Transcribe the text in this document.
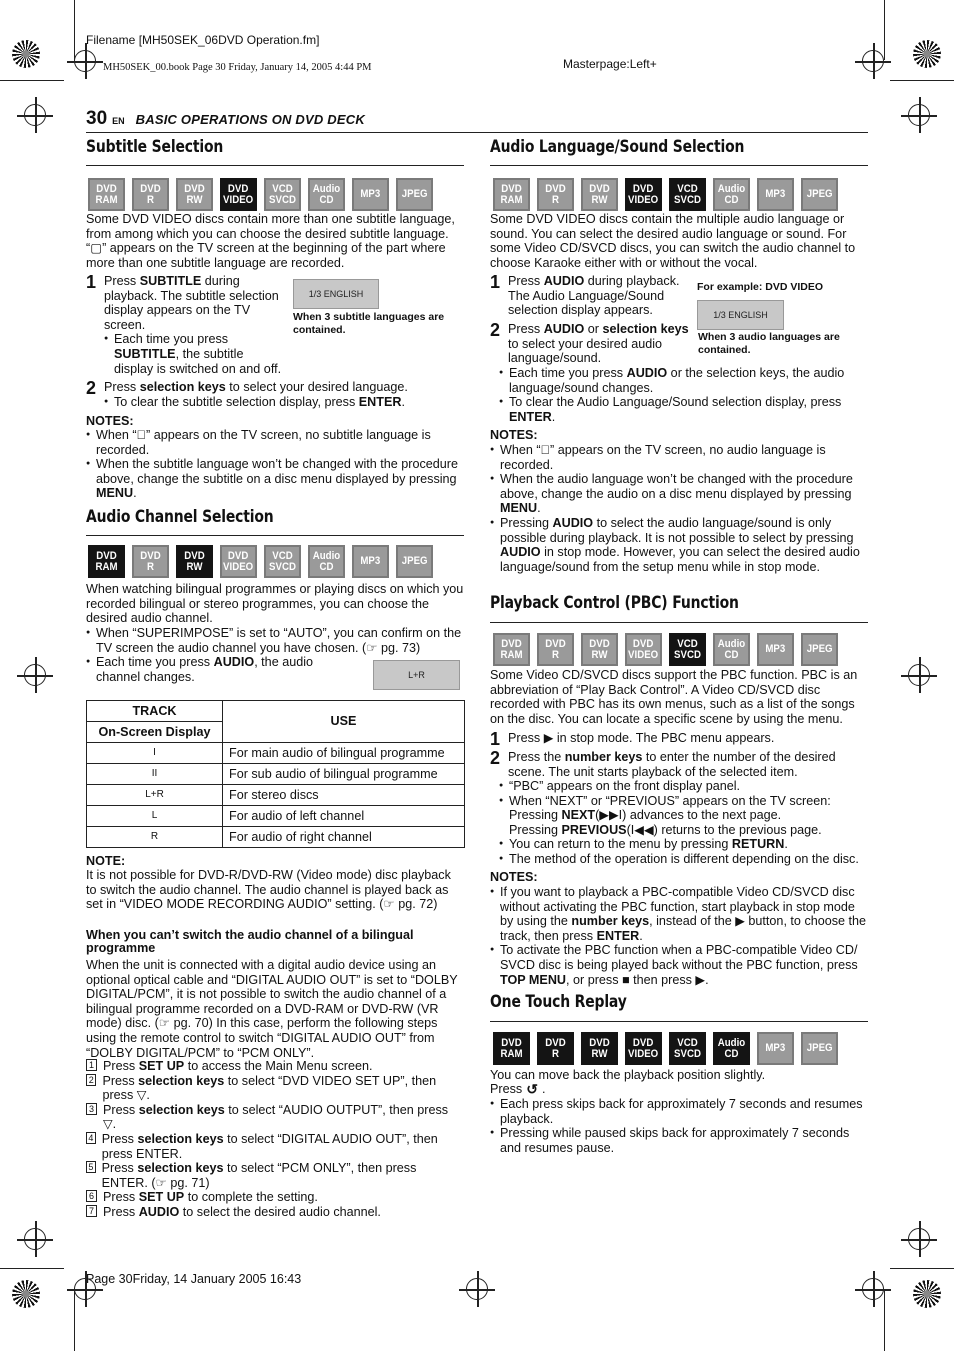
Filename [MH50SEK_06DVD Operation.fm]
MH50SEK_00.book Page 30 Friday, January 14, 2005 4:44 PM	Masterpage:Left+
30 EN BASIC OPERATIONS ON DVD DECK
Subtitle Selection
DVD RAM
DVD R
DVD RW
DVD VIDEO
VCD SVCD
Audio CD	MP3 JPEG
Some DVD VIDEO discs contain more than one subtitle language, from among which you can choose the desired subtitle language. “▢” appears on the TV screen at the beginning of the part where more than one subtitle language are recorded.
1 Press SUBTITLE during playback. The subtitle selection display appears on the TV screen.
● Each time you press SUBTITLE, the subtitle display is switched on and off.
1/3 ENGLISH
When 3 subtitle languages are contained.
2 Press selection keys to select your desired language.
● To clear the subtitle selection display, press ENTER.
NOTES:
● When “⃠” appears on the TV screen, no subtitle language is recorded.
● When the subtitle language won’t be changed with the procedure above, change the subtitle on a disc menu displayed by pressing MENU.
Audio Channel Selection
DVD RAM
DVD R
DVD RW
DVD VIDEO
VCD SVCD
Audio CD	MP3 JPEG
When watching bilingual programmes or playing discs on which you recorded bilingual or stereo programmes, you can choose the desired audio channel.
● When “SUPERIMPOSE” is set to “AUTO”, you can confirm on the TV screen the audio channel you have chosen. (☞ pg. 73)
● Each time you press AUDIO, the audio channel changes.	L+R
TRACK	USE
On-Screen Display	
I	For main audio of bilingual programme
II	For sub audio of bilingual programme
L+R	For stereo discs
L	For audio of left channel
R	For audio of right channel
NOTE:
It is not possible for DVD-R/DVD-RW (Video mode) disc playback to switch the audio channel. The audio channel is played back as set in “VIDEO MODE RECORDING AUDIO” setting. (☞ pg. 72)
When you can’t switch the audio channel of a bilingual programme
When the unit is connected with a digital audio device using an optional optical cable and “DIGITAL AUDIO OUT” is set to “DOLBY DIGITAL/PCM”, it is not possible to switch the audio channel of a bilingual programme recorded on a DVD-RAM or DVD-RW (VR mode) disc. (☞ pg. 70) In this case, perform the following steps using the remote control to switch “DIGITAL AUDIO OUT” from “DOLBY DIGITAL/PCM” to “PCM ONLY”.
1 Press SET UP to access the Main Menu screen.
2 Press selection keys to select “DVD VIDEO SET UP”, then press ▽.
3 Press selection keys to select “AUDIO OUTPUT”, then press ▽.
4 Press selection keys to select “DIGITAL AUDIO OUT”, then press ENTER.
5 Press selection keys to select “PCM ONLY”, then press ENTER. (☞ pg. 71)
6 Press SET UP to complete the setting.
7 Press AUDIO to select the desired audio channel.
Audio Language/Sound Selection
DVD RAM
DVD R
DVD RW
DVD VIDEO
VCD SVCD
Audio CD	MP3 JPEG
Some DVD VIDEO discs contain the multiple audio language or sound. You can select the desired audio language or sound. For some Video CD/SVCD discs, you can switch the audio channel to choose Karaoke either with or without the vocal.
1 Press AUDIO during playback. The Audio Language/Sound selection display appears.
For example: DVD VIDEO
1/3 ENGLISH
When 3 audio languages are contained.
2 Press AUDIO or selection keys to select your desired audio language/sound.
● Each time you press AUDIO or the selection keys, the audio language/sound changes.
● To clear the Audio Language/Sound selection display, press ENTER.
NOTES:
● When “⃠” appears on the TV screen, no audio language is recorded.
● When the audio language won’t be changed with the procedure above, change the audio on a disc menu displayed by pressing MENU.
● Pressing AUDIO to select the audio language/sound is only possible during playback. It is not possible to select by pressing AUDIO in stop mode. However, you can select the desired audio language/sound from the setup menu while in stop mode.
Playback Control (PBC) Function
DVD RAM
DVD R
DVD RW
DVD VIDEO
VCD SVCD
Audio CD	MP3 JPEG
Some Video CD/SVCD discs support the PBC function. PBC is an abbreviation of “Play Back Control”. A Video CD/SVCD disc recorded with PBC has its own menus, such as a list of the songs on the disc. You can locate a specific scene by using the menu.
1 Press ▶ in stop mode. The PBC menu appears.
2 Press the number keys to enter the number of the desired scene. The unit starts playback of the selected item.
● “PBC” appears on the front display panel.
● When “NEXT” or “PREVIOUS” appears on the TV screen:
Pressing NEXT(▶▶I) advances to the next page.
Pressing PREVIOUS(I◀◀) returns to the previous page.
● You can return to the menu by pressing RETURN.
● The method of the operation is different depending on the disc.
NOTES:
● If you want to playback a PBC-compatible Video CD/SVCD disc without activating the PBC function, start playback in stop mode by using the number keys, instead of the ▶ button, to choose the track, then press ENTER.
● To activate the PBC function when a PBC-compatible Video CD/ SVCD disc is being played back without the PBC function, press TOP MENU, or press ■ then press ▶.
One Touch Replay
DVD RAM
DVD R
DVD RW
DVD VIDEO
VCD SVCD
Audio CD	MP3 JPEG
You can move back the playback position slightly.
Press ↺ .
● Each press skips back for approximately 7 seconds and resumes playback.
● Pressing while paused skips back for approximately 7 seconds and resumes pause.
Page 30Friday, 14 January 2005 16:43
